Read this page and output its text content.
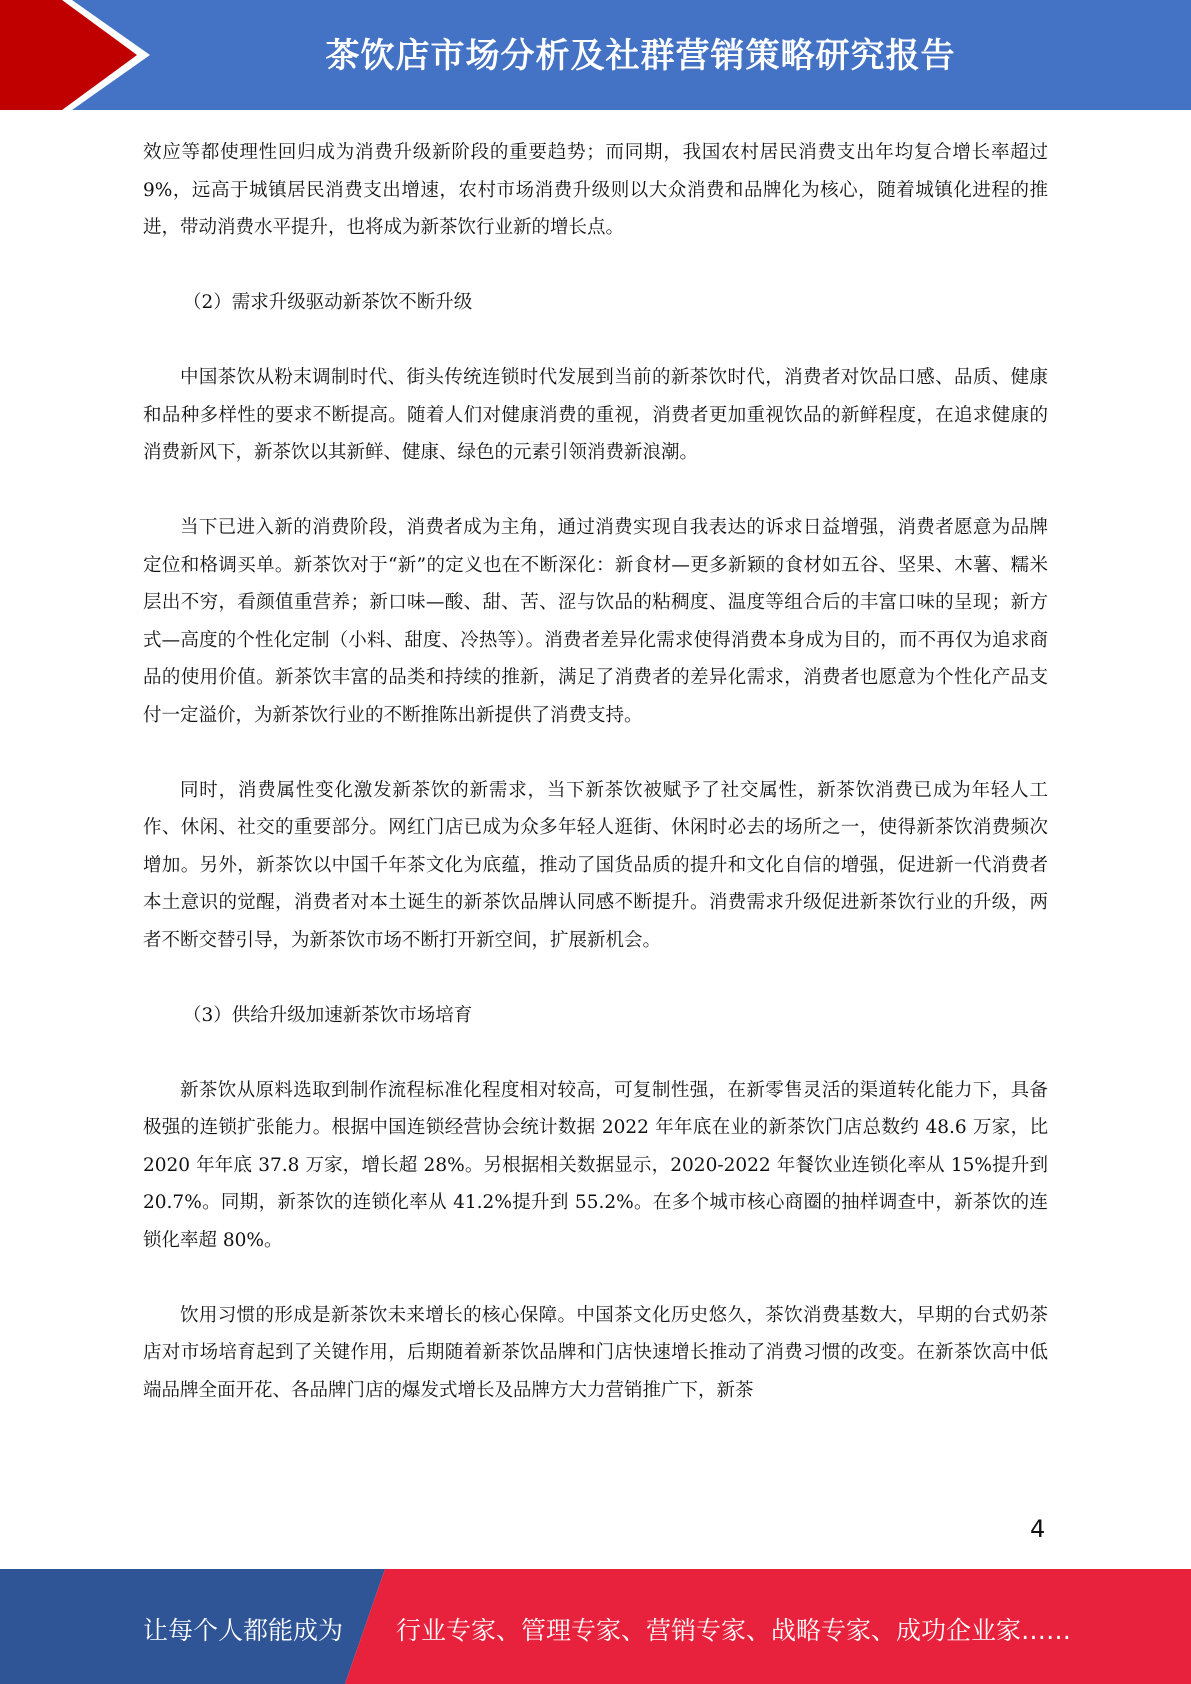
茶饮店市场分析及社群营销策略研究报告

效应等都使理性回归成为消费升级新阶段的重要趋势；而同期，我国农村居民消费支出年均复合增长率超过 9%，远高于城镇居民消费支出增速，农村市场消费升级则以大众消费和品牌化为核心，随着城镇化进程的推进，带动消费水平提升，也将成为新茶饮行业新的增长点。

（2）需求升级驱动新茶饮不断升级

中国茶饮从粉末调制时代、街头传统连锁时代发展到当前的新茶饮时代，消费者对饮品口感、品质、健康和品种多样性的要求不断提高。随着人们对健康消费的重视，消费者更加重视饮品的新鲜程度，在追求健康的消费新风下，新茶饮以其新鲜、健康、绿色的元素引领消费新浪潮。

当下已进入新的消费阶段，消费者成为主角，通过消费实现自我表达的诉求日益增强，消费者愿意为品牌定位和格调买单。新茶饮对于“新”的定义也在不断深化：新食材—更多新颖的食材如五谷、坚果、木薯、糯米层出不穷，看颜值重营养；新口味—酸、甜、苦、涩与饮品的粘稠度、温度等组合后的丰富口味的呈现；新方式—高度的个性化定制（小料、甜度、冷热等）。消费者差异化需求使得消费本身成为目的，而不再仅为追求商品的使用价值。新茶饮丰富的品类和持续的推新，满足了消费者的差异化需求，消费者也愿意为个性化产品支付一定溢价，为新茶饮行业的不断推陈出新提供了消费支持。

同时，消费属性变化激发新茶饮的新需求，当下新茶饮被赋予了社交属性，新茶饮消费已成为年轻人工作、休闲、社交的重要部分。网红门店已成为众多年轻人逛街、休闲时必去的场所之一，使得新茶饮消费频次增加。另外，新茶饮以中国千年茶文化为底蕴，推动了国货品质的提升和文化自信的增强，促进新一代消费者本土意识的觉醒，消费者对本土诞生的新茶饮品牌认同感不断提升。消费需求升级促进新茶饮行业的升级，两者不断交替引导，为新茶饮市场不断打开新空间，扩展新机会。

（3）供给升级加速新茶饮市场培育

新茶饮从原料选取到制作流程标准化程度相对较高，可复制性强，在新零售灵活的渠道转化能力下，具备极强的连锁扩张能力。根据中国连锁经营协会统计数据 2022 年年底在业的新茶饮门店总数约 48.6 万家，比 2020 年年底 37.8 万家，增长超 28%。另根据相关数据显示，2020-2022 年餐饮业连锁化率从 15%提升到 20.7%。同期，新茶饮的连锁化率从 41.2%提升到 55.2%。在多个城市核心商圈的抽样调查中，新茶饮的连锁化率超 80%。

饮用习惯的形成是新茶饮未来增长的核心保障。中国茶文化历史悠久，茶饮消费基数大，早期的台式奶茶店对市场培育起到了关键作用，后期随着新茶饮品牌和门店快速增长推动了消费习惯的改变。在新茶饮高中低端品牌全面开花、各品牌门店的爆发式增长及品牌方大力营销推广下，新茶

4
让每个人都能成为 行业专家、管理专家、营销专家、战略专家、成功企业家……
